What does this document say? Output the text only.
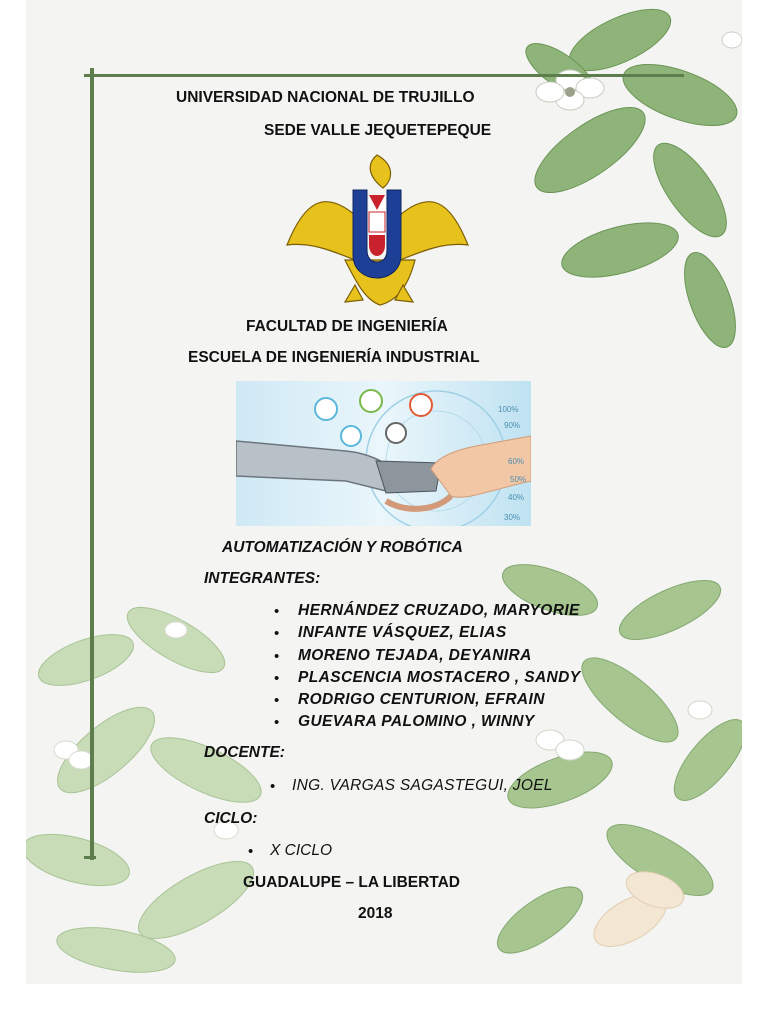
UNIVERSIDAD NACIONAL DE TRUJILLO
SEDE VALLE JEQUETEPEQUE
FACULTAD DE INGENIERÍA
ESCUELA DE INGENIERÍA INDUSTRIAL
100%
90%
60%
50%
40%
30%
AUTOMATIZACIÓN Y ROBÓTICA
INTEGRANTES:
• HERNÁNDEZ CRUZADO, MARYORIE
• INFANTE VÁSQUEZ, ELIAS
• MORENO TEJADA, DEYANIRA
• PLASCENCIA MOSTACERO , SANDY
• RODRIGO CENTURION, EFRAIN
• GUEVARA PALOMINO , WINNY
DOCENTE:
• ING. VARGAS SAGASTEGUI, JOEL
CICLO:
• X CICLO
GUADALUPE – LA LIBERTAD
2018
